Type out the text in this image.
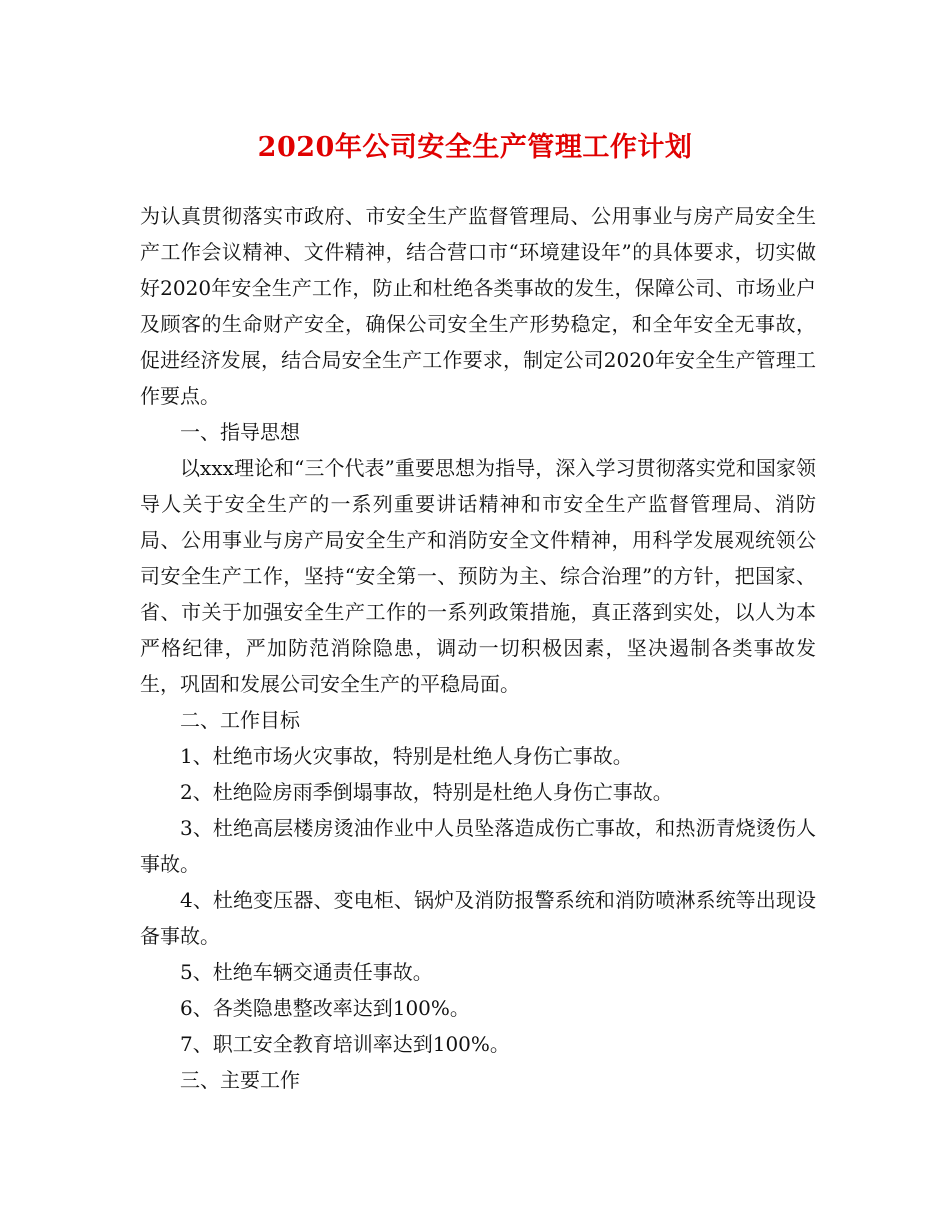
2020年公司安全生产管理工作计划

为认真贯彻落实市政府、市安全生产监督管理局、公用事业与房产局安全生产工作会议精神、文件精神，结合营口市“环境建设年”的具体要求，切实做好2020年安全生产工作，防止和杜绝各类事故的发生，保障公司、市场业户及顾客的生命财产安全，确保公司安全生产形势稳定，和全年安全无事故，促进经济发展，结合局安全生产工作要求，制定公司2020年安全生产管理工作要点。

一、指导思想

以xxx理论和“三个代表”重要思想为指导，深入学习贯彻落实党和国家领导人关于安全生产的一系列重要讲话精神和市安全生产监督管理局、消防局、公用事业与房产局安全生产和消防安全文件精神，用科学发展观统领公司安全生产工作，坚持“安全第一、预防为主、综合治理”的方针，把国家、省、市关于加强安全生产工作的一系列政策措施，真正落到实处，以人为本严格纪律，严加防范消除隐患，调动一切积极因素，坚决遏制各类事故发生，巩固和发展公司安全生产的平稳局面。

二、工作目标

1、杜绝市场火灾事故，特别是杜绝人身伤亡事故。

2、杜绝险房雨季倒塌事故，特别是杜绝人身伤亡事故。

3、杜绝高层楼房烫油作业中人员坠落造成伤亡事故，和热沥青烧烫伤人事故。

4、杜绝变压器、变电柜、锅炉及消防报警系统和消防喷淋系统等出现设备事故。

5、杜绝车辆交通责任事故。

6、各类隐患整改率达到100%。

7、职工安全教育培训率达到100%。

三、主要工作
